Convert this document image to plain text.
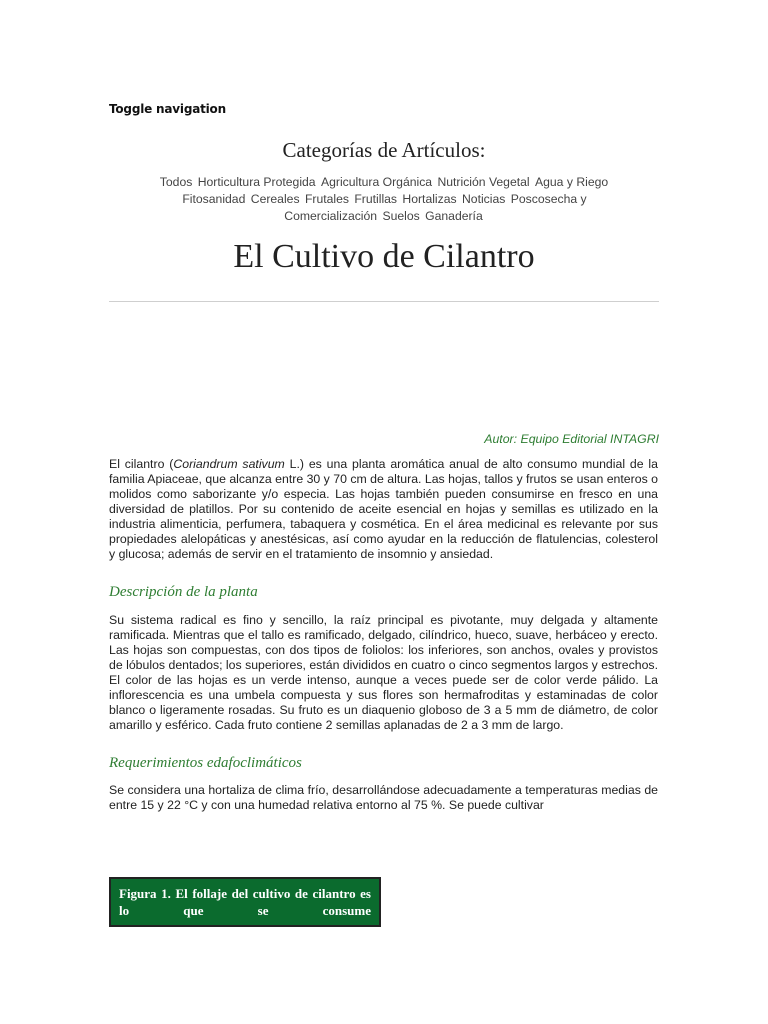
Toggle navigation
Categorías de Artículos:
Todos Horticultura Protegida Agricultura Orgánica Nutrición Vegetal Agua y Riego Fitosanidad Cereales Frutales Frutillas Hortalizas Noticias Poscosecha y Comercialización Suelos Ganadería
El Cultivo de Cilantro
Autor: Equipo Editorial INTAGRI

El cilantro (Coriandrum sativum L.) es una planta aromática anual de alto consumo mundial de la familia Apiaceae, que alcanza entre 30 y 70 cm de altura. Las hojas, tallos y frutos se usan enteros o molidos como saborizante y/o especia. Las hojas también pueden consumirse en fresco en una diversidad de platillos. Por su contenido de aceite esencial en hojas y semillas es utilizado en la industria alimenticia, perfumera, tabaquera y cosmética. En el área medicinal es relevante por sus propiedades alelopáticas y anestésicas, así como ayudar en la reducción de flatulencias, colesterol y glucosa; además de servir en el tratamiento de insomnio y ansiedad.

Descripción de la planta

Su sistema radical es fino y sencillo, la raíz principal es pivotante, muy delgada y altamente ramificada. Mientras que el tallo es ramificado, delgado, cilíndrico, hueco, suave, herbáceo y erecto. Las hojas son compuestas, con dos tipos de foliolos: los inferiores, son anchos, ovales y provistos de lóbulos dentados; los superiores, están divididos en cuatro o cinco segmentos largos y estrechos. El color de las hojas es un verde intenso, aunque a veces puede ser de color verde pálido. La inflorescencia es una umbela compuesta y sus flores son hermafroditas y estaminadas de color blanco o ligeramente rosadas. Su fruto es un diaquenio globoso de 3 a 5 mm de diámetro, de color amarillo y esférico. Cada fruto contiene 2 semillas aplanadas de 2 a 3 mm de largo.

Requerimientos edafoclimáticos

Se considera una hortaliza de clima frío, desarrollándose adecuadamente a temperaturas medias de entre 15 y 22 °C y con una humedad relativa entorno al 75 %. Se puede cultivar

Figura 1. El follaje del cultivo de cilantro es lo que se consume
